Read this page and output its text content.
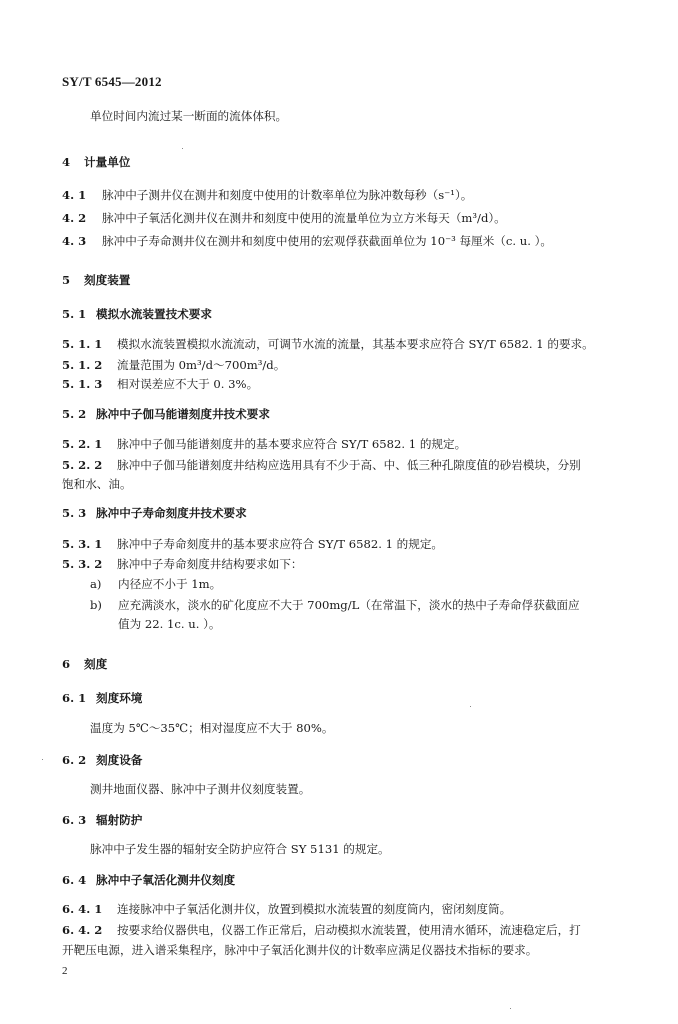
SY/T 6545—2012
单位时间内流过某一断面的流体体积。
4 计量单位
4. 1 脉冲中子测井仪在测井和刻度中使用的计数率单位为脉冲数每秒（s⁻¹）。
4. 2 脉冲中子氧活化测井仪在测井和刻度中使用的流量单位为立方米每天（m³/d）。
4. 3 脉冲中子寿命测井仪在测井和刻度中使用的宏观俘获截面单位为 10⁻³ 每厘米（c. u. ）。
5 刻度装置
5. 1 模拟水流装置技术要求
5. 1. 1 模拟水流装置模拟水流流动，可调节水流的流量，其基本要求应符合 SY/T 6582. 1 的要求。
5. 1. 2 流量范围为 0m³/d～700m³/d。
5. 1. 3 相对误差应不大于 0. 3%。
5. 2 脉冲中子伽马能谱刻度井技术要求
5. 2. 1 脉冲中子伽马能谱刻度井的基本要求应符合 SY/T 6582. 1 的规定。
5. 2. 2 脉冲中子伽马能谱刻度井结构应选用具有不少于高、中、低三种孔隙度值的砂岩模块，分别
饱和水、油。
5. 3 脉冲中子寿命刻度井技术要求
5. 3. 1 脉冲中子寿命刻度井的基本要求应符合 SY/T 6582. 1 的规定。
5. 3. 2 脉冲中子寿命刻度井结构要求如下：
a) 内径应不小于 1m。
b) 应充满淡水，淡水的矿化度应不大于 700mg/L（在常温下，淡水的热中子寿命俘获截面应
值为 22. 1c. u. ）。
6 刻度
6. 1 刻度环境
温度为 5℃～35℃；相对湿度应不大于 80%。
6. 2 刻度设备
测井地面仪器、脉冲中子测井仪刻度装置。
6. 3 辐射防护
脉冲中子发生器的辐射安全防护应符合 SY 5131 的规定。
6. 4 脉冲中子氧活化测井仪刻度
6. 4. 1 连接脉冲中子氧活化测井仪，放置到模拟水流装置的刻度筒内，密闭刻度筒。
6. 4. 2 按要求给仪器供电，仪器工作正常后，启动模拟水流装置，使用清水循环，流速稳定后，打
开靶压电源，进入谱采集程序，脉冲中子氧活化测井仪的计数率应满足仪器技术指标的要求。
2
